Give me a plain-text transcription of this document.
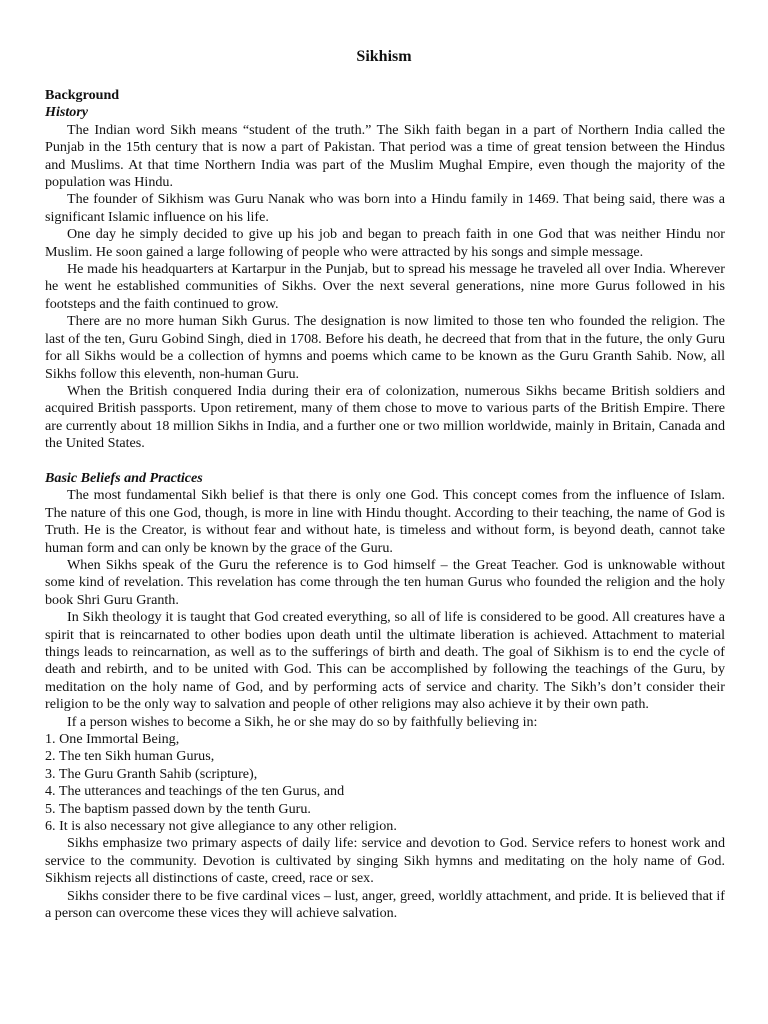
Sikhism
Background
History

The Indian word Sikh means “student of the truth.” The Sikh faith began in a part of Northern India called the Punjab in the 15th century that is now a part of Pakistan. That period was a time of great tension between the Hindus and Muslims. At that time Northern India was part of the Muslim Mughal Empire, even though the majority of the population was Hindu.

The founder of Sikhism was Guru Nanak who was born into a Hindu family in 1469. That being said, there was a significant Islamic influence on his life.

One day he simply decided to give up his job and began to preach faith in one God that was neither Hindu nor Muslim. He soon gained a large following of people who were attracted by his songs and simple message.

He made his headquarters at Kartarpur in the Punjab, but to spread his message he traveled all over India. Wherever he went he established communities of Sikhs. Over the next several generations, nine more Gurus followed in his footsteps and the faith continued to grow.

There are no more human Sikh Gurus. The designation is now limited to those ten who founded the religion. The last of the ten, Guru Gobind Singh, died in 1708. Before his death, he decreed that from that in the future, the only Guru for all Sikhs would be a collection of hymns and poems which came to be known as the Guru Granth Sahib. Now, all Sikhs follow this eleventh, non-human Guru.

When the British conquered India during their era of colonization, numerous Sikhs became British soldiers and acquired British passports. Upon retirement, many of them chose to move to various parts of the British Empire. There are currently about 18 million Sikhs in India, and a further one or two million worldwide, mainly in Britain, Canada and the United States.

Basic Beliefs and Practices

The most fundamental Sikh belief is that there is only one God. This concept comes from the influence of Islam. The nature of this one God, though, is more in line with Hindu thought. According to their teaching, the name of God is Truth. He is the Creator, is without fear and without hate, is timeless and without form, is beyond death, cannot take human form and can only be known by the grace of the Guru.

When Sikhs speak of the Guru the reference is to God himself – the Great Teacher. God is unknowable without some kind of revelation. This revelation has come through the ten human Gurus who founded the religion and the holy book Shri Guru Granth.

In Sikh theology it is taught that God created everything, so all of life is considered to be good. All creatures have a spirit that is reincarnated to other bodies upon death until the ultimate liberation is achieved. Attachment to material things leads to reincarnation, as well as to the sufferings of birth and death. The goal of Sikhism is to end the cycle of death and rebirth, and to be united with God. This can be accomplished by following the teachings of the Guru, by meditation on the holy name of God, and by performing acts of service and charity. The Sikh’s don’t consider their religion to be the only way to salvation and people of other religions may also achieve it by their own path.

If a person wishes to become a Sikh, he or she may do so by faithfully believing in:

1. One Immortal Being,

2. The ten Sikh human Gurus,

3. The Guru Granth Sahib (scripture),

4. The utterances and teachings of the ten Gurus, and

5. The baptism passed down by the tenth Guru.

6. It is also necessary not give allegiance to any other religion.

Sikhs emphasize two primary aspects of daily life: service and devotion to God. Service refers to honest work and service to the community. Devotion is cultivated by singing Sikh hymns and meditating on the holy name of God. Sikhism rejects all distinctions of caste, creed, race or sex.

Sikhs consider there to be five cardinal vices – lust, anger, greed, worldly attachment, and pride. It is believed that if a person can overcome these vices they will achieve salvation.
